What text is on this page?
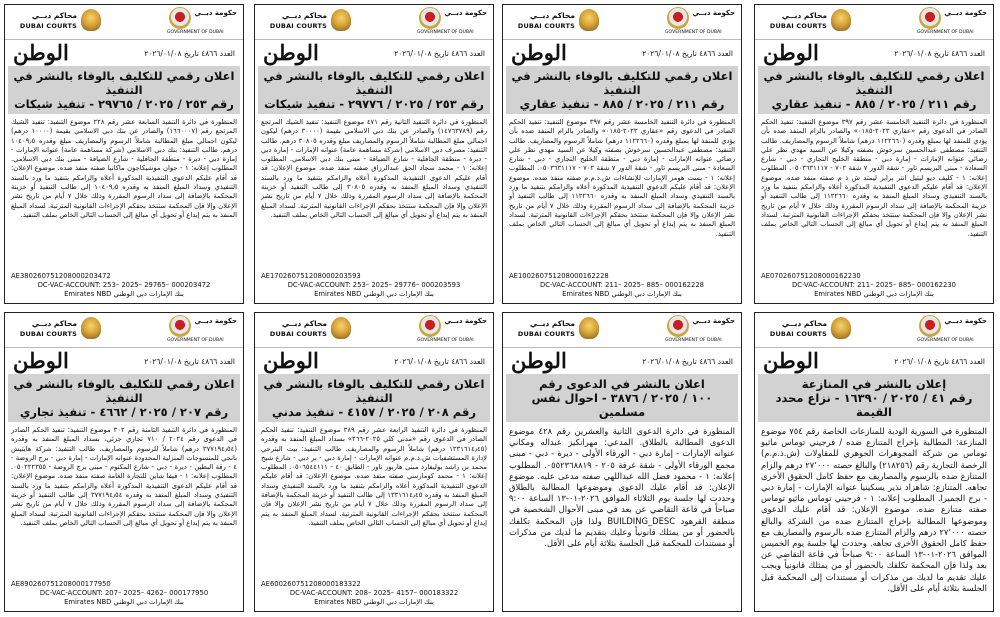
حكومة دبــي
GOVERNMENT OF DUBAI
محاكم دبــي
DUBAI COURTS
العدد ٤٨٦٦ تاريخ ٢٠٢٦/٠١/٠٨
الوطن
اعلان رقمي للتكليف بالوفاء بالنشر في التنفيذ
رقم ٢١١ / ٢٠٢٥ / ٨٨٥ - تنفيذ عقاري

المنظورة في دائرة التنفيذ الخامسة عشر رقم ٣٩٧ موضوع التنفيذ: تنفيذ الحكم الصادر في الدعوى رقم «عقاري ٢٠٢٣-٠١٨٥» والصادر بالزام المنفذ ضده بأن يؤدي للمنفذ لها بمبلغ وقدره (١١٢٢٦٦٠ درهم) شاملاً الرسوم والمصاريف. طالب التنفيذ: مصطفى عبدالحسين سرخوش بصفته وكيلا عن السيد مهدي نظر علي رضائي عنوانه الإمارات - إمارة دبي - منطقة الخليج التجاري - دبي - شارع السعادة - مبنى البريسم تاور - شقة الدور ٧ شقة ٧٠٢ - ٠٥٠٣٦٣١١١٧. المطلوب إعلانه: ١ - كليف ديو ليتيل انتر برايز ليمتد ش ذ م صفته منفذ ضده. موضوع الإعلان: قد أقام عليكم الدعوى التنفيذية المذكورة أعلاه والزامكم بتنفيذ ما ورد بالسند التنفيذي وسداد المبلغ المنفذ به وقدره ١١٢٢٦٦٠ إلى طالب التنفيذ أو خزينة المحكمة بالإضافة إلى سداد الرسوم المقررة وذلك خلال ٧ أيام من تاريخ نشر الإعلان وإلا فإن المحكمة ستتخذ بحقكم الإجراءات القانونية المترتبة. لسداد المبلغ المنفذ به يتم إيداع أو تحويل أي مبالغ إلى الحساب التالي الخاص بملف التنفيذ.

AE070260751208000162230
DC-VAC-ACCOUNT: 211– 2025– 885– 000162230
بنك الإمارات دبي الوطني Emirates NBD
حكومة دبــي
GOVERNMENT OF DUBAI
محاكم دبــي
DUBAI COURTS
العدد ٤٨٦٦ تاريخ ٢٠٢٦/٠١/٠٨
الوطن
اعلان رقمي للتكليف بالوفاء بالنشر في التنفيذ
رقم ٢١١ / ٢٠٢٥ / ٨٨٥ - تنفيذ عقاري

المنظورة في دائرة التنفيذ الخامسة عشر رقم ٣٩٧ موضوع التنفيذ: تنفيذ الحكم الصادر في الدعوى رقم «عقاري ٢٠٢٣-٠١٨٥» والصادر بالزام المنفذ ضده بأن يؤدي للمنفذ لها بمبلغ وقدره (١١٢٢٦٦٠ درهم) شاملاً الرسوم والمصاريف. طالب التنفيذ: مصطفى عبدالحسين سرخوش بصفته وكيلا عن السيد مهدي نظر علي رضائي عنوانه الإمارات - إمارة دبي - منطقة الخليج التجاري - دبي - شارع السعادة - مبنى البريسم تاور - شقة الدور ٧ شقة ٧٠٢ - ٠٥٠٣٦٣١١١٧. المطلوب إعلانه: ١ - بست هومز الإمارات للإنشاءات ش.ذ.م.م صفته منفذ ضده. موضوع الإعلان: قد أقام عليكم الدعوى التنفيذية المذكورة أعلاه والزامكم بتنفيذ ما ورد بالسند التنفيذي وسداد المبلغ المنفذ به وقدره ١١٢٢٦٦٠ إلى طالب التنفيذ أو خزينة المحكمة بالإضافة إلى سداد الرسوم المقررة وذلك خلال ٧ أيام من تاريخ نشر الإعلان وإلا فإن المحكمة ستتخذ بحقكم الإجراءات القانونية المترتبة. لسداد المبلغ المنفذ به يتم إيداع أو تحويل أي مبالغ إلى الحساب التالي الخاص بملف التنفيذ.

AE100260751208000162228
DC-VAC-ACCOUNT: 211– 2025– 885– 000162228
بنك الإمارات دبي الوطني Emirates NBD
حكومة دبــي
GOVERNMENT OF DUBAI
محاكم دبــي
DUBAI COURTS
العدد ٤٨٦٦ تاريخ ٢٠٢٦/٠١/٠٨
الوطن
اعلان رقمي للتكليف بالوفاء بالنشر في التنفيذ
رقم ٢٥٣ / ٢٠٢٥ / ٢٩٧٧٦ - تنفيذ شيكات

المنظورة في دائرة التنفيذ الثانية رقم ٤٧١ موضوع التنفيذ: تنفيذ الشيك المرتجع رقم (١٤٧٦٣٧٨٩) والصادر عن بنك دبي الاسلامي بقيمة (٣٠٠٠٠ درهم) ليكون اجمالي مبلغ المطالبة شاملاً الرسوم والمصاريف مبلغ وقدره ٣٠٨٠٥ درهم. طالب التنفيذ: مصرف دبي الاسلامي (شركة مساهمة عامة) عنوانه الإمارات - إمارة دبي - ديرة - منطقة الجافلية - شارع الضيافة - مبنى بنك دبي الاسلامي. المطلوب إعلانه: ١ - محمد سجاد الحق عبدالرزاق صفته منفذ ضده. موضوع الإعلان: قد أقام عليكم الدعوى التنفيذية المذكورة أعلاه والزامكم بتنفيذ ما ورد بالسند التنفيذي وسداد المبلغ المنفذ به وقدره ٣٠٨٠٥ إلى طالب التنفيذ أو خزينة المحكمة بالإضافة إلى سداد الرسوم المقررة وذلك خلال ٧ أيام من تاريخ نشر الإعلان وإلا فإن المحكمة ستتخذ بحقكم الإجراءات القانونية المترتبة. لسداد المبلغ المنفذ به يتم إيداع أو تحويل أي مبالغ إلى الحساب التالي الخاص بملف التنفيذ.

AE170260751208000203593
DC-VAC-ACCOUNT: 253– 2025– 29776– 000203593
بنك الإمارات دبي الوطني Emirates NBD
حكومة دبــي
GOVERNMENT OF DUBAI
محاكم دبــي
DUBAI COURTS
العدد ٤٨٦٦ تاريخ ٢٠٢٦/٠١/٠٨
الوطن
اعلان رقمي للتكليف بالوفاء بالنشر في التنفيذ
رقم ٢٥٣ / ٢٠٢٥ / ٢٩٧٦٥ - تنفيذ شيكات

المنظورة في دائرة التنفيذ السابعة عشر رقم ٢٢٨ موضوع التنفيذ: تنفيذ الشيك المرتجع رقم (١٦٦٠٠٠٧) والصادر عن بنك دبي الاسلامي بقيمة (١٠٠٠٠ درهم) ليكون اجمالي مبلغ المطالبة شاملاً الرسوم والمصاريف مبلغ وقدره ١٠٤٠٩٫٥ درهم. طالب التنفيذ: بنك دبي الاسلامي (شركة مساهمة عامة) عنوانه الإمارات - إمارة دبي - ديرة - منطقة الجافلية - شارع الضيافة - مبنى بنك دبي الاسلامي. المطلوب إعلانه: ١ - جوان موشيكاجون ماكانيا صفته منفذ ضده. موضوع الإعلان: قد أقام عليكم الدعوى التنفيذية المذكورة أعلاه والزامكم بتنفيذ ما ورد بالسند التنفيذي وسداد المبلغ المنفذ به وقدره ١٠٤٠٩٫٥ إلى طالب التنفيذ أو خزينة المحكمة بالإضافة إلى سداد الرسوم المقررة وذلك خلال ٧ أيام من تاريخ نشر الإعلان وإلا فإن المحكمة ستتخذ بحقكم الإجراءات القانونية المترتبة. لسداد المبلغ المنفذ به يتم إيداع أو تحويل أي مبالغ إلى الحساب التالي الخاص بملف التنفيذ.

AE380260751208000203472
DC-VAC-ACCOUNT: 253– 2025– 29765– 000203472
بنك الإمارات دبي الوطني Emirates NBD
حكومة دبــي
GOVERNMENT OF DUBAI
محاكم دبــي
DUBAI COURTS
العدد ٤٨٦٦ تاريخ ٢٠٢٦/٠١/٠٨
الوطن
إعلان بالنشر في المنازعة
رقم ٤١ / ٢٠٢٥ / ١٦٣٩٠ - نزاع محدد القيمة

المنظورة في السورية الودية للمنازعات الخاصة رقم ٧٥٤ موضوع المنازعة: المطالبة بإخراج المتنازع ضده / فرجيني توماس ماثيو توماس من شركة المجوهرات الجوهري للمقاولات (ش.ذ.م.م) الرخصة التجارية رقم (٢١٨٢٥٦) والبالغ حصته ٢٧٬٠٠٠ درهم والزام المتنازع ضده بالرسوم والمصاريف مع حفظ كامل الحقوق الأخرى تجاهه. المتنازع: شاهزاد نذير يسكينيا عنوانه الإمارات - إمارة دبي - برج الجميرا. المطلوب إعلانه: ١ - فرجيني توماس ماثيو توماس صفته متنازع ضده. موضوع الإعلان: قد أقام عليك الدعوى وموضوعها المطالبة بإخراج المتنازع ضده من الشركة والبالغ حصته ٢٧٬٠٠٠ درهم والزام المتنازع ضده بالرسوم والمصاريف مع حفظ كامل الحقوق الأخرى تجاهه. وحددت لها جلسة يوم الخميس الموافق ٢٠٢٦-٠١-١٣ الساعة ٩:٠٠ صباحاً في قاعة التقاضي عن بعد ولذا فإن المحكمة تكلفك بالحضور أو من يمثلك قانونياً ويجب عليك تقديم ما لديك من مذكرات أو مستندات إلى المحكمة قبل الجلسة بثلاثة أيام على الأقل.

حكومة دبــي
GOVERNMENT OF DUBAI
محاكم دبــي
DUBAI COURTS
العدد ٤٨٦٦ تاريخ ٢٠٢٦/٠١/٠٨
الوطن
اعلان بالنشر في الدعوى رقم
١٠٠ / ٢٠٢٥ / ٣٨٧٦ - احوال نفس مسلمين

المنظورة في دائرة الدعوى الثانية والعشرين رقم ٤٢٨ موضوع الدعوى المطالبة بالطلاق. المدعي: مهرانكيز عبداله ومكاني عنوانه الإمارات - إمارة دبي - الورقاء الأولى - ديرة - دبي - مبنى مجمع الورقاء الأولى - شقة غرفة ٢٠٥ - ٠٥٥٢٣٦٨٨١٩. المطلوب إعلانه: ١ - محمود فضل الله عبداللهي صفته مدعى عليه. موضوع الإعلان: قد أقام عليك الدعوى وموضوعها المطالبة بالطلاق وحددت لها جلسة يوم الثلاثاء الموافق ٢٠٢٦-٠١-١٣ الساعة ٩:٠٠ صباحاً في قاعة التقاضي عن بعد في مبنى الأحوال الشخصية في منطقة القرهود BUILDING_DESC ولذا فإن المحكمة تكلفك بالحضور أو من يمثلك قانونياً وعليك بتقديم ما لديك من مذكرات أو مستندات للمحكمة قبل الجلسة بثلاثة أيام على الأقل.

حكومة دبــي
GOVERNMENT OF DUBAI
محاكم دبــي
DUBAI COURTS
العدد ٤٨٦٦ تاريخ ٢٠٢٦/٠١/٠٨
الوطن
اعلان رقمي للتكليف بالوفاء بالنشر في التنفيذ
رقم ٢٠٨ / ٢٠٢٥ / ٤١٥٧ - تنفيذ مدني

المنظورة في دائرة التنفيذ الرابعة عشر رقم ٣٨٩ موضوع التنفيذ: تنفيذ الحكم الصادر في الدعوى رقم «مدني كلي ٢٠٢٥-٢٦٦» بسداد المبلغ المنفذ به وقدره (١٣٣١٦١٤٫٤٥ درهم) شاملاً الرسوم والمصاريف. طالب التنفيذ: بيت البترجي لإدارة المستشفيات ش.ذ.م.م عنوانه الإمارات - إمارة دبي - بر دبي - شارع شيخ محمد بن راشد بوليفارد مبنى هاربور تاور - الطابق ٤٠ - ٠٥٠٦٥٤٤١١١. المطلوب إعلانه: ١ - محمد كومارسي صفته منفذ ضده. موضوع الإعلان: قد أقام عليكم الدعوى التنفيذية المذكورة أعلاه والزامكم بتنفيذ ما ورد بالسند التنفيذي وسداد المبلغ المنفذ به وقدره ١٣٣١٦١٤٫٤٥ إلى طالب التنفيذ أو خزينة المحكمة بالإضافة إلى سداد الرسوم المقررة وذلك خلال ٧ أيام من تاريخ نشر الإعلان وإلا فإن المحكمة ستتخذ بحقكم الإجراءات القانونية المترتبة. لسداد المبلغ المنفذ به يتم إيداع أو تحويل أي مبالغ إلى الحساب التالي الخاص بملف التنفيذ.

AE600260751208000183322
DC-VAC-ACCOUNT: 208– 2025– 4157– 000183322
بنك الإمارات دبي الوطني Emirates NBD
حكومة دبــي
GOVERNMENT OF DUBAI
محاكم دبــي
DUBAI COURTS
العدد ٤٨٦٦ تاريخ ٢٠٢٦/٠١/٠٨
الوطن
اعلان رقمي للتكليف بالوفاء بالنشر في التنفيذ
رقم ٢٠٧ / ٢٠٢٥ / ٤٦٦٢ - تنفيذ تجاري

المنظورة في دائرة التنفيذ الثامنة رقم ٣٠٢ موضوع التنفيذ: تنفيذ الحكم الصادر في الدعوى رقم ٢٠٢٤ / ٧١٠ تجاري جزئي، بسداد المبلغ المنفذ به وقدره (٣٧٧١٩٤٫٥٤ درهم) شاملاً للرسوم والمصاريف. طالب التنفيذ: شركة هايتيش بانجي للمنسوجات المنزلية المحدودة عنوانه الإمارات - إمارة دبي - برج الروضة - ٤ - رقة البطين - ديرة - دبي - شارع المكتوم - مبنى برج الروضة - ٠٥٠٢٢٢٣٥٥. المطلوب إعلانه: ١ - فيفا شاين للتجارة العامة صفته منفذ ضده. موضوع الإعلان: قد أقام عليكم الدعوى التنفيذية المذكورة أعلاه والزامكم بتنفيذ ما ورد بالسند التنفيذي وسداد المبلغ المنفذ به وقدره ٣٧٧١٩٤٫٥٤ إلى طالب التنفيذ أو خزينة المحكمة بالإضافة إلى سداد الرسوم المقررة وذلك خلال ٧ أيام من تاريخ نشر الإعلان وإلا فإن المحكمة ستتخذ بحقكم الإجراءات القانونية المترتبة. لسداد المبلغ المنفذ به يتم إيداع أو تحويل أي مبالغ إلى الحساب التالي الخاص بملف التنفيذ.

AE890260751208000177950
DC-VAC-ACCOUNT: 207– 2025– 4262– 000177950
بنك الإمارات دبي الوطني Emirates NBD
